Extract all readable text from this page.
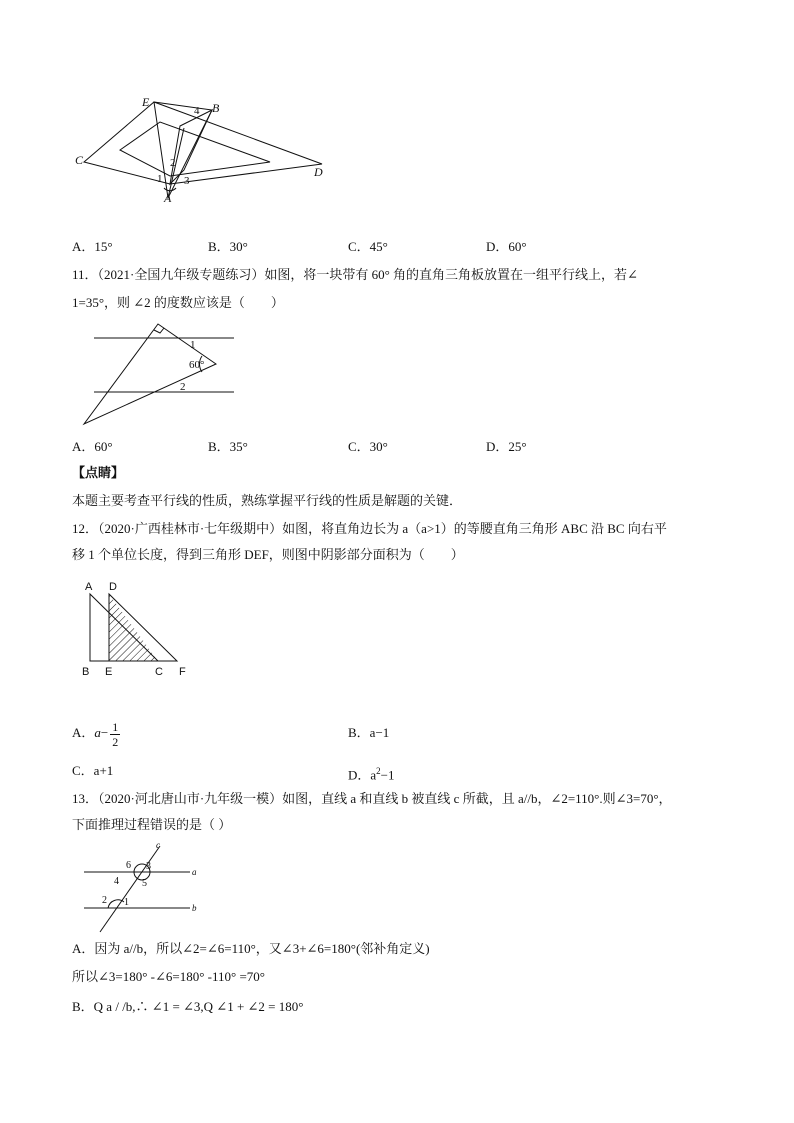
E	B
C
D
A
1
2
3
4
A．15°	B．30°	C．45°	D．60°
11．（2021·全国九年级专题练习）如图，将一块带有 60° 角的直角三角板放置在一组平行线上，若∠
1=35°，则 ∠2 的度数应该是（　　）
1
60°
2
A．60°	B．35°	C．30°	D．25°
【点睛】
本题主要考查平行线的性质，熟练掌握平行线的性质是解题的关键．
12．（2020·广西桂林市·七年级期中）如图，将直角边长为 a（a>1）的等腰直角三角形 ABC 沿 BC 向右平
移 1 个单位长度，得到三角形 DEF，则图中阴影部分面积为（　　）
A D
B E	C F
A．$a- \frac{1}{2}$	B．a−1
C．a+1	D．$a^2-1$
13．（2020·河北唐山市·九年级一模）如图，直线 a 和直线 b 被直线 c 所截，且 a//b，∠2=110°.则∠3=70°，
下面推理过程错误的是（ ）
c
a
b
6 3
4 5
2 1
A．因为 a//b，所以∠2=∠6=110°，又∠3+∠6=180°(邻补角定义)
所以∠3=180° -∠6=180° -110° =70°
B．Q a / /b,∴ ∠1 = ∠3,Q ∠1 + ∠2 = 180°
